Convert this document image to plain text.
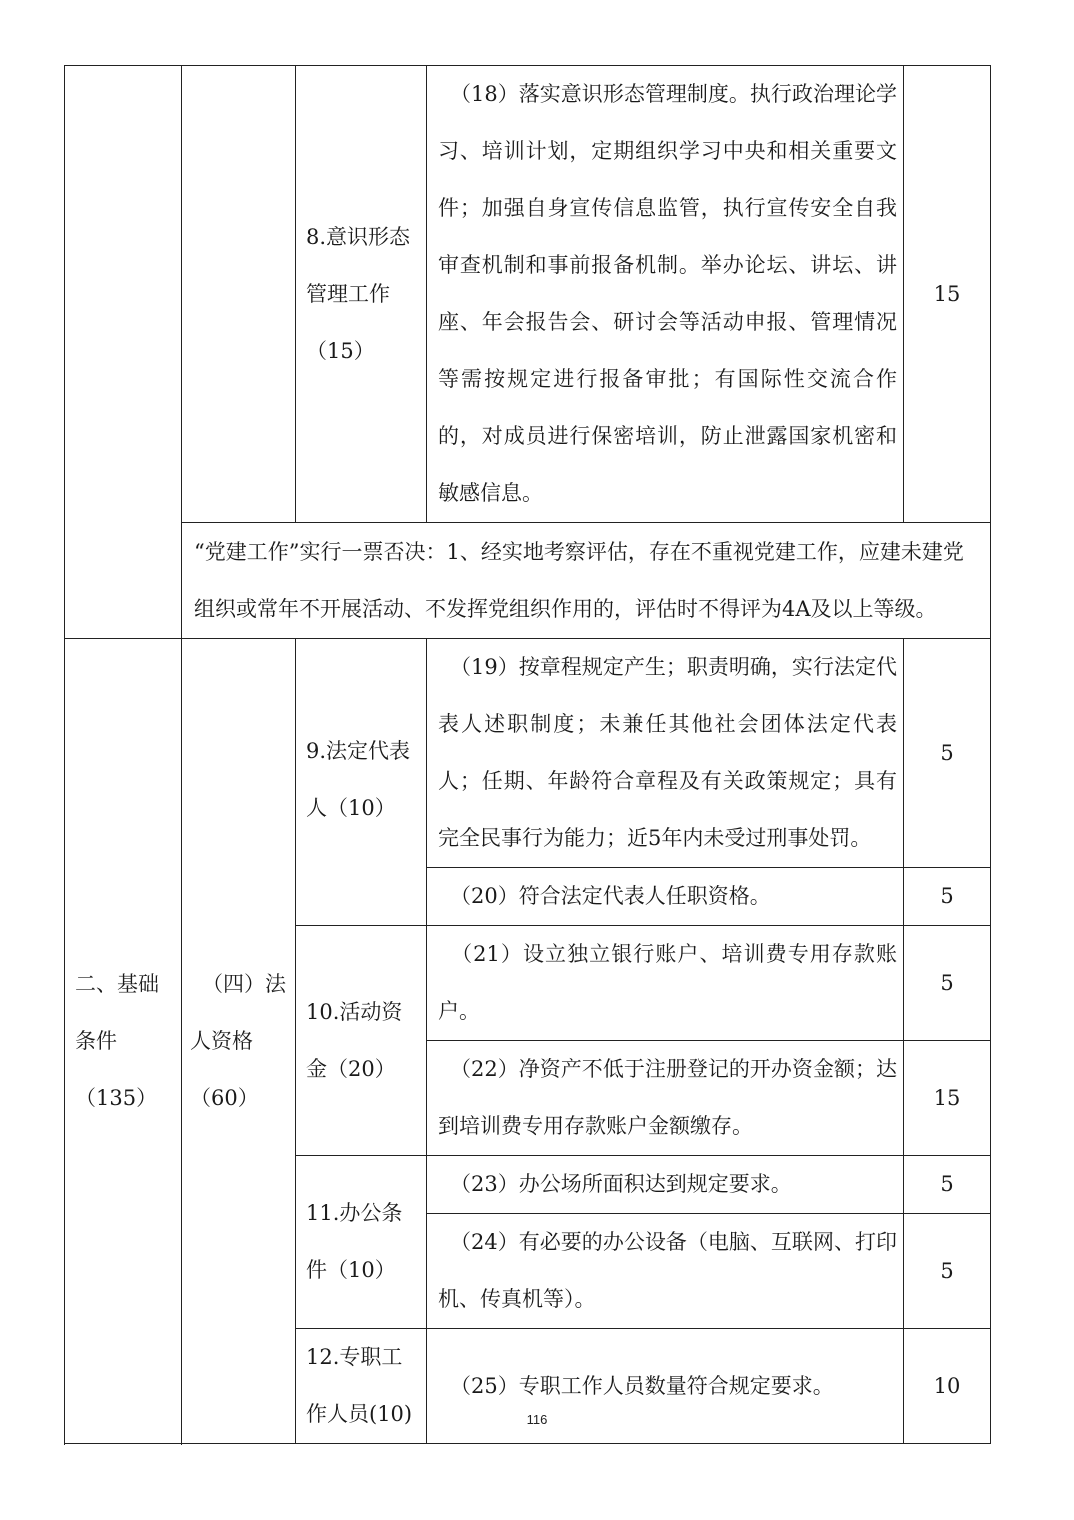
		8.意识形态管理工作（15）	（18）落实意识形态管理制度。执行政治理论学习、培训计划，定期组织学习中央和相关重要文件；加强自身宣传信息监管，执行宣传安全自我审查机制和事前报备机制。举办论坛、讲坛、讲座、年会报告会、研讨会等活动申报、管理情况等需按规定进行报备审批；有国际性交流合作的，对成员进行保密培训，防止泄露国家机密和敏感信息。	15
	“党建工作”实行一票否决：1、经实地考察评估，存在不重视党建工作，应建未建党组织或常年不开展活动、不发挥党组织作用的，评估时不得评为4A及以上等级。			
二、基础条件（135）	（四）法人资格（60）	9.法定代表人（10）	（19）按章程规定产生；职责明确，实行法定代表人述职制度；未兼任其他社会团体法定代表人；任期、年龄符合章程及有关政策规定；具有完全民事行为能力；近5年内未受过刑事处罚。	5
			（20）符合法定代表人任职资格。	5
		10.活动资金（20）	（21）设立独立银行账户、培训费专用存款账户。	5
			（22）净资产不低于注册登记的开办资金额；达到培训费专用存款账户金额缴存。	15
		11.办公条件（10）	（23）办公场所面积达到规定要求。	5
			（24）有必要的办公设备（电脑、互联网、打印机、传真机等）。	5
		12.专职工作人员(10)	（25）专职工作人员数量符合规定要求。	10

116
